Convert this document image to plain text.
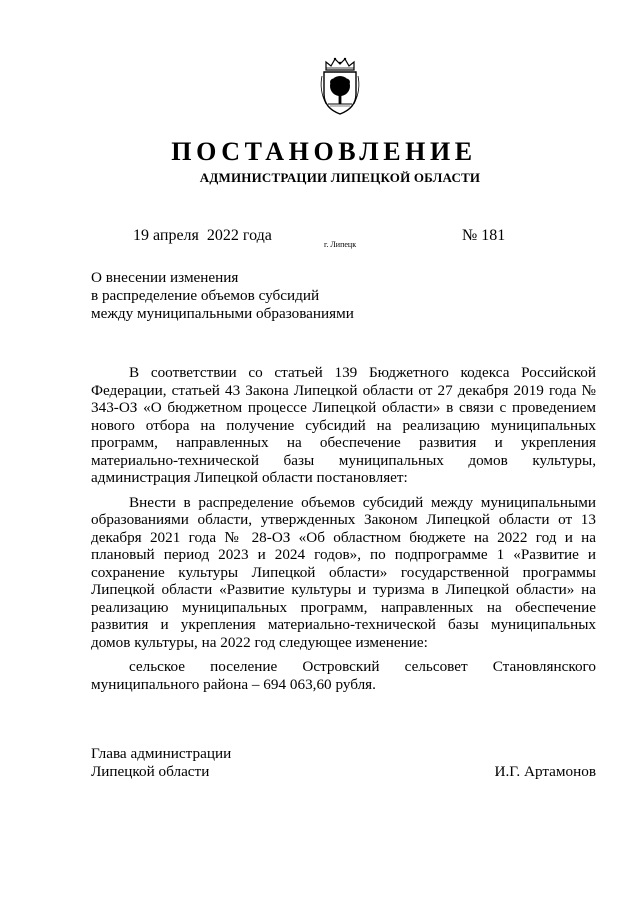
ПОСТАНОВЛЕНИЕ
АДМИНИСТРАЦИИ ЛИПЕЦКОЙ ОБЛАСТИ
19 апреля  2022 года
г. Липецк
№ 181
О внесении изменения
в распределение объемов субсидий
между муниципальными образованиями

В соответствии со статьей 139 Бюджетного кодекса Российской Федерации, статьей 43 Закона Липецкой области от 27 декабря 2019 года № 343-ОЗ «О бюджетном процессе Липецкой области» в связи с проведением нового отбора на получение субсидий на реализацию муниципальных программ, направленных на обеспечение развития и укрепления материально-технической базы муниципальных домов культуры, администрация Липецкой области постановляет:

Внести в распределение объемов субсидий между муниципальными образованиями области, утвержденных Законом Липецкой области от 13 декабря 2021 года № 28-ОЗ «Об областном бюджете на 2022 год и на плановый период 2023 и 2024 годов», по подпрограмме 1 «Развитие и сохранение культуры Липецкой области» государственной программы Липецкой области «Развитие культуры и туризма в Липецкой области» на реализацию муниципальных программ, направленных на обеспечение развития и укрепления материально-технической базы муниципальных домов культуры, на 2022 год следующее изменение:

сельское поселение Островский сельсовет Становлянского
муниципального района – 694 063,60 рубля.
Глава администрации
Липецкой области	И.Г. Артамонов
